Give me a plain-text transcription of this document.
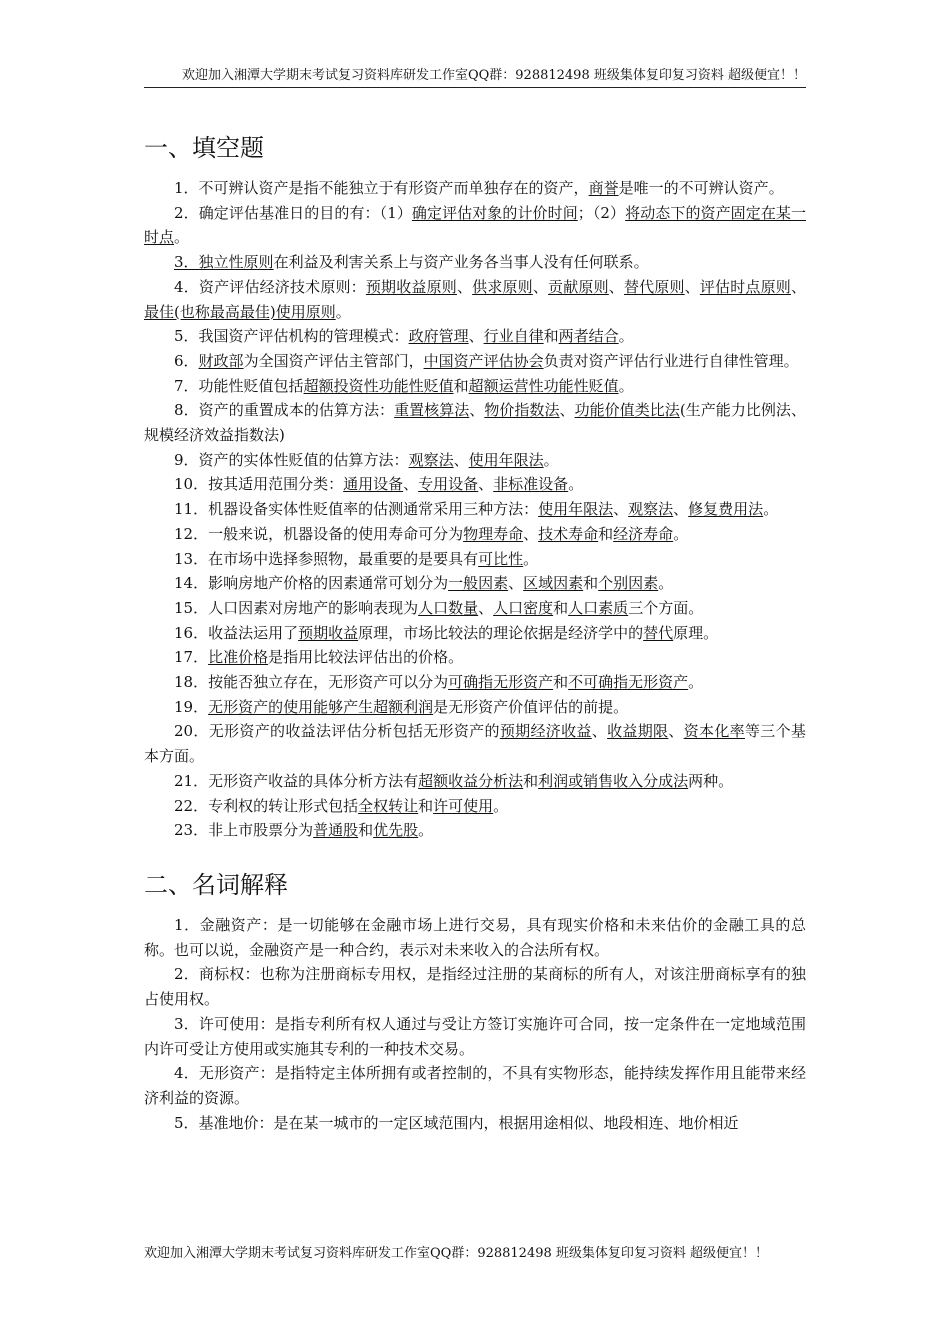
欢迎加入湘潭大学期末考试复习资料库研发工作室QQ群：928812498 班级集体复印复习资料 超级便宜！！
一、填空题

1．不可辨认资产是指不能独立于有形资产而单独存在的资产，商誉是唯一的不可辨认资产。

2．确定评估基准日的目的有：（1）确定评估对象的计价时间；（2）将动态下的资产固定在某一时点。

3．独立性原则在利益及利害关系上与资产业务各当事人没有任何联系。

4．资产评估经济技术原则：预期收益原则、供求原则、贡献原则、替代原则、评估时点原则、最佳(也称最高最佳)使用原则。

5．我国资产评估机构的管理模式：政府管理、行业自律和两者结合。

6．财政部为全国资产评估主管部门，中国资产评估协会负责对资产评估行业进行自律性管理。

7．功能性贬值包括超额投资性功能性贬值和超额运营性功能性贬值。

8．资产的重置成本的估算方法：重置核算法、物价指数法、功能价值类比法(生产能力比例法、规模经济效益指数法)

9．资产的实体性贬值的估算方法：观察法、使用年限法。

10．按其适用范围分类：通用设备、专用设备、非标准设备。

11．机器设备实体性贬值率的估测通常采用三种方法：使用年限法、观察法、修复费用法。

12．一般来说，机器设备的使用寿命可分为物理寿命、技术寿命和经济寿命。

13．在市场中选择参照物，最重要的是要具有可比性。

14．影响房地产价格的因素通常可划分为一般因素、区域因素和个别因素。

15．人口因素对房地产的影响表现为人口数量、人口密度和人口素质三个方面。

16．收益法运用了预期收益原理，市场比较法的理论依据是经济学中的替代原理。

17．比准价格是指用比较法评估出的价格。

18．按能否独立存在，无形资产可以分为可确指无形资产和不可确指无形资产。

19．无形资产的使用能够产生超额利润是无形资产价值评估的前提。

20．无形资产的收益法评估分析包括无形资产的预期经济收益、收益期限、资本化率等三个基本方面。

21．无形资产收益的具体分析方法有超额收益分析法和利润或销售收入分成法两种。

22．专利权的转让形式包括全权转让和许可使用。

23．非上市股票分为普通股和优先股。

二、名词解释

1．金融资产：是一切能够在金融市场上进行交易，具有现实价格和未来估价的金融工具的总称。也可以说，金融资产是一种合约，表示对未来收入的合法所有权。

2．商标权：也称为注册商标专用权，是指经过注册的某商标的所有人，对该注册商标享有的独占使用权。

3．许可使用：是指专利所有权人通过与受让方签订实施许可合同，按一定条件在一定地域范围内许可受让方使用或实施其专利的一种技术交易。

4．无形资产：是指特定主体所拥有或者控制的，不具有实物形态，能持续发挥作用且能带来经济利益的资源。

5．基准地价：是在某一城市的一定区域范围内，根据用途相似、地段相连、地价相近

欢迎加入湘潭大学期末考试复习资料库研发工作室QQ群：928812498 班级集体复印复习资料 超级便宜！！
